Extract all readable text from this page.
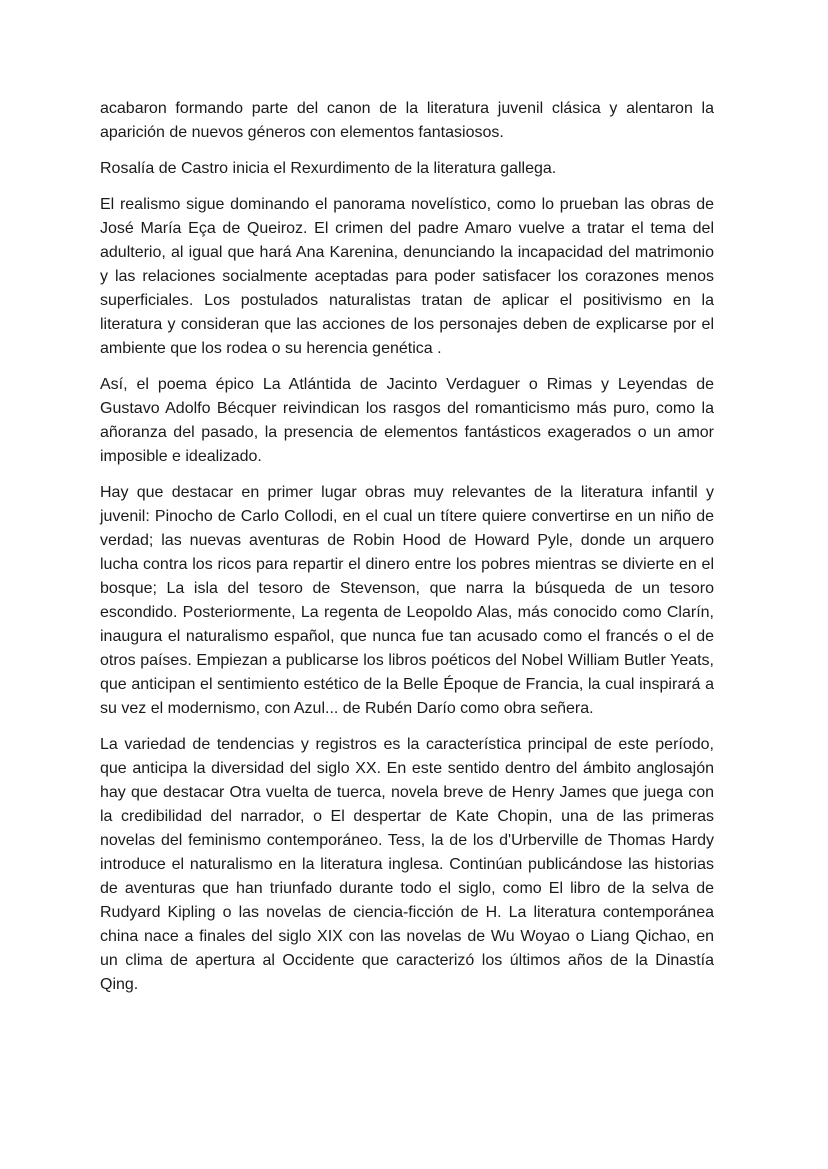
acabaron formando parte del canon de la literatura juvenil clásica y alentaron la aparición de nuevos géneros con elementos fantasiosos.

Rosalía de Castro inicia el Rexurdimento de la literatura gallega.

El realismo sigue dominando el panorama novelístico, como lo prueban las obras de José María Eça de Queiroz. El crimen del padre Amaro vuelve a tratar el tema del adulterio, al igual que hará Ana Karenina, denunciando la incapacidad del matrimonio y las relaciones socialmente aceptadas para poder satisfacer los corazones menos superficiales. Los postulados naturalistas tratan de aplicar el positivismo en la literatura y consideran que las acciones de los personajes deben de explicarse por el ambiente que los rodea o su herencia genética .

Así, el poema épico La Atlántida de Jacinto Verdaguer o Rimas y Leyendas de Gustavo Adolfo Bécquer reivindican los rasgos del romanticismo más puro, como la añoranza del pasado, la presencia de elementos fantásticos exagerados o un amor imposible e idealizado.

Hay que destacar en primer lugar obras muy relevantes de la literatura infantil y juvenil: Pinocho de Carlo Collodi, en el cual un títere quiere convertirse en un niño de verdad; las nuevas aventuras de Robin Hood de Howard Pyle, donde un arquero lucha contra los ricos para repartir el dinero entre los pobres mientras se divierte en el bosque; La isla del tesoro de Stevenson, que narra la búsqueda de un tesoro escondido. Posteriormente, La regenta de Leopoldo Alas, más conocido como Clarín, inaugura el naturalismo español, que nunca fue tan acusado como el francés o el de otros países. Empiezan a publicarse los libros poéticos del Nobel William Butler Yeats, que anticipan el sentimiento estético de la Belle Époque de Francia, la cual inspirará a su vez el modernismo, con Azul... de Rubén Darío como obra señera.

La variedad de tendencias y registros es la característica principal de este período, que anticipa la diversidad del siglo XX. En este sentido dentro del ámbito anglosajón hay que destacar Otra vuelta de tuerca, novela breve de Henry James que juega con la credibilidad del narrador, o El despertar de Kate Chopin, una de las primeras novelas del feminismo contemporáneo. Tess, la de los d'Urberville de Thomas Hardy introduce el naturalismo en la literatura inglesa. Continúan publicándose las historias de aventuras que han triunfado durante todo el siglo, como El libro de la selva de Rudyard Kipling o las novelas de ciencia-ficción de H. La literatura contemporánea china nace a finales del siglo XIX con las novelas de Wu Woyao o Liang Qichao, en un clima de apertura al Occidente que caracterizó los últimos años de la Dinastía Qing.
